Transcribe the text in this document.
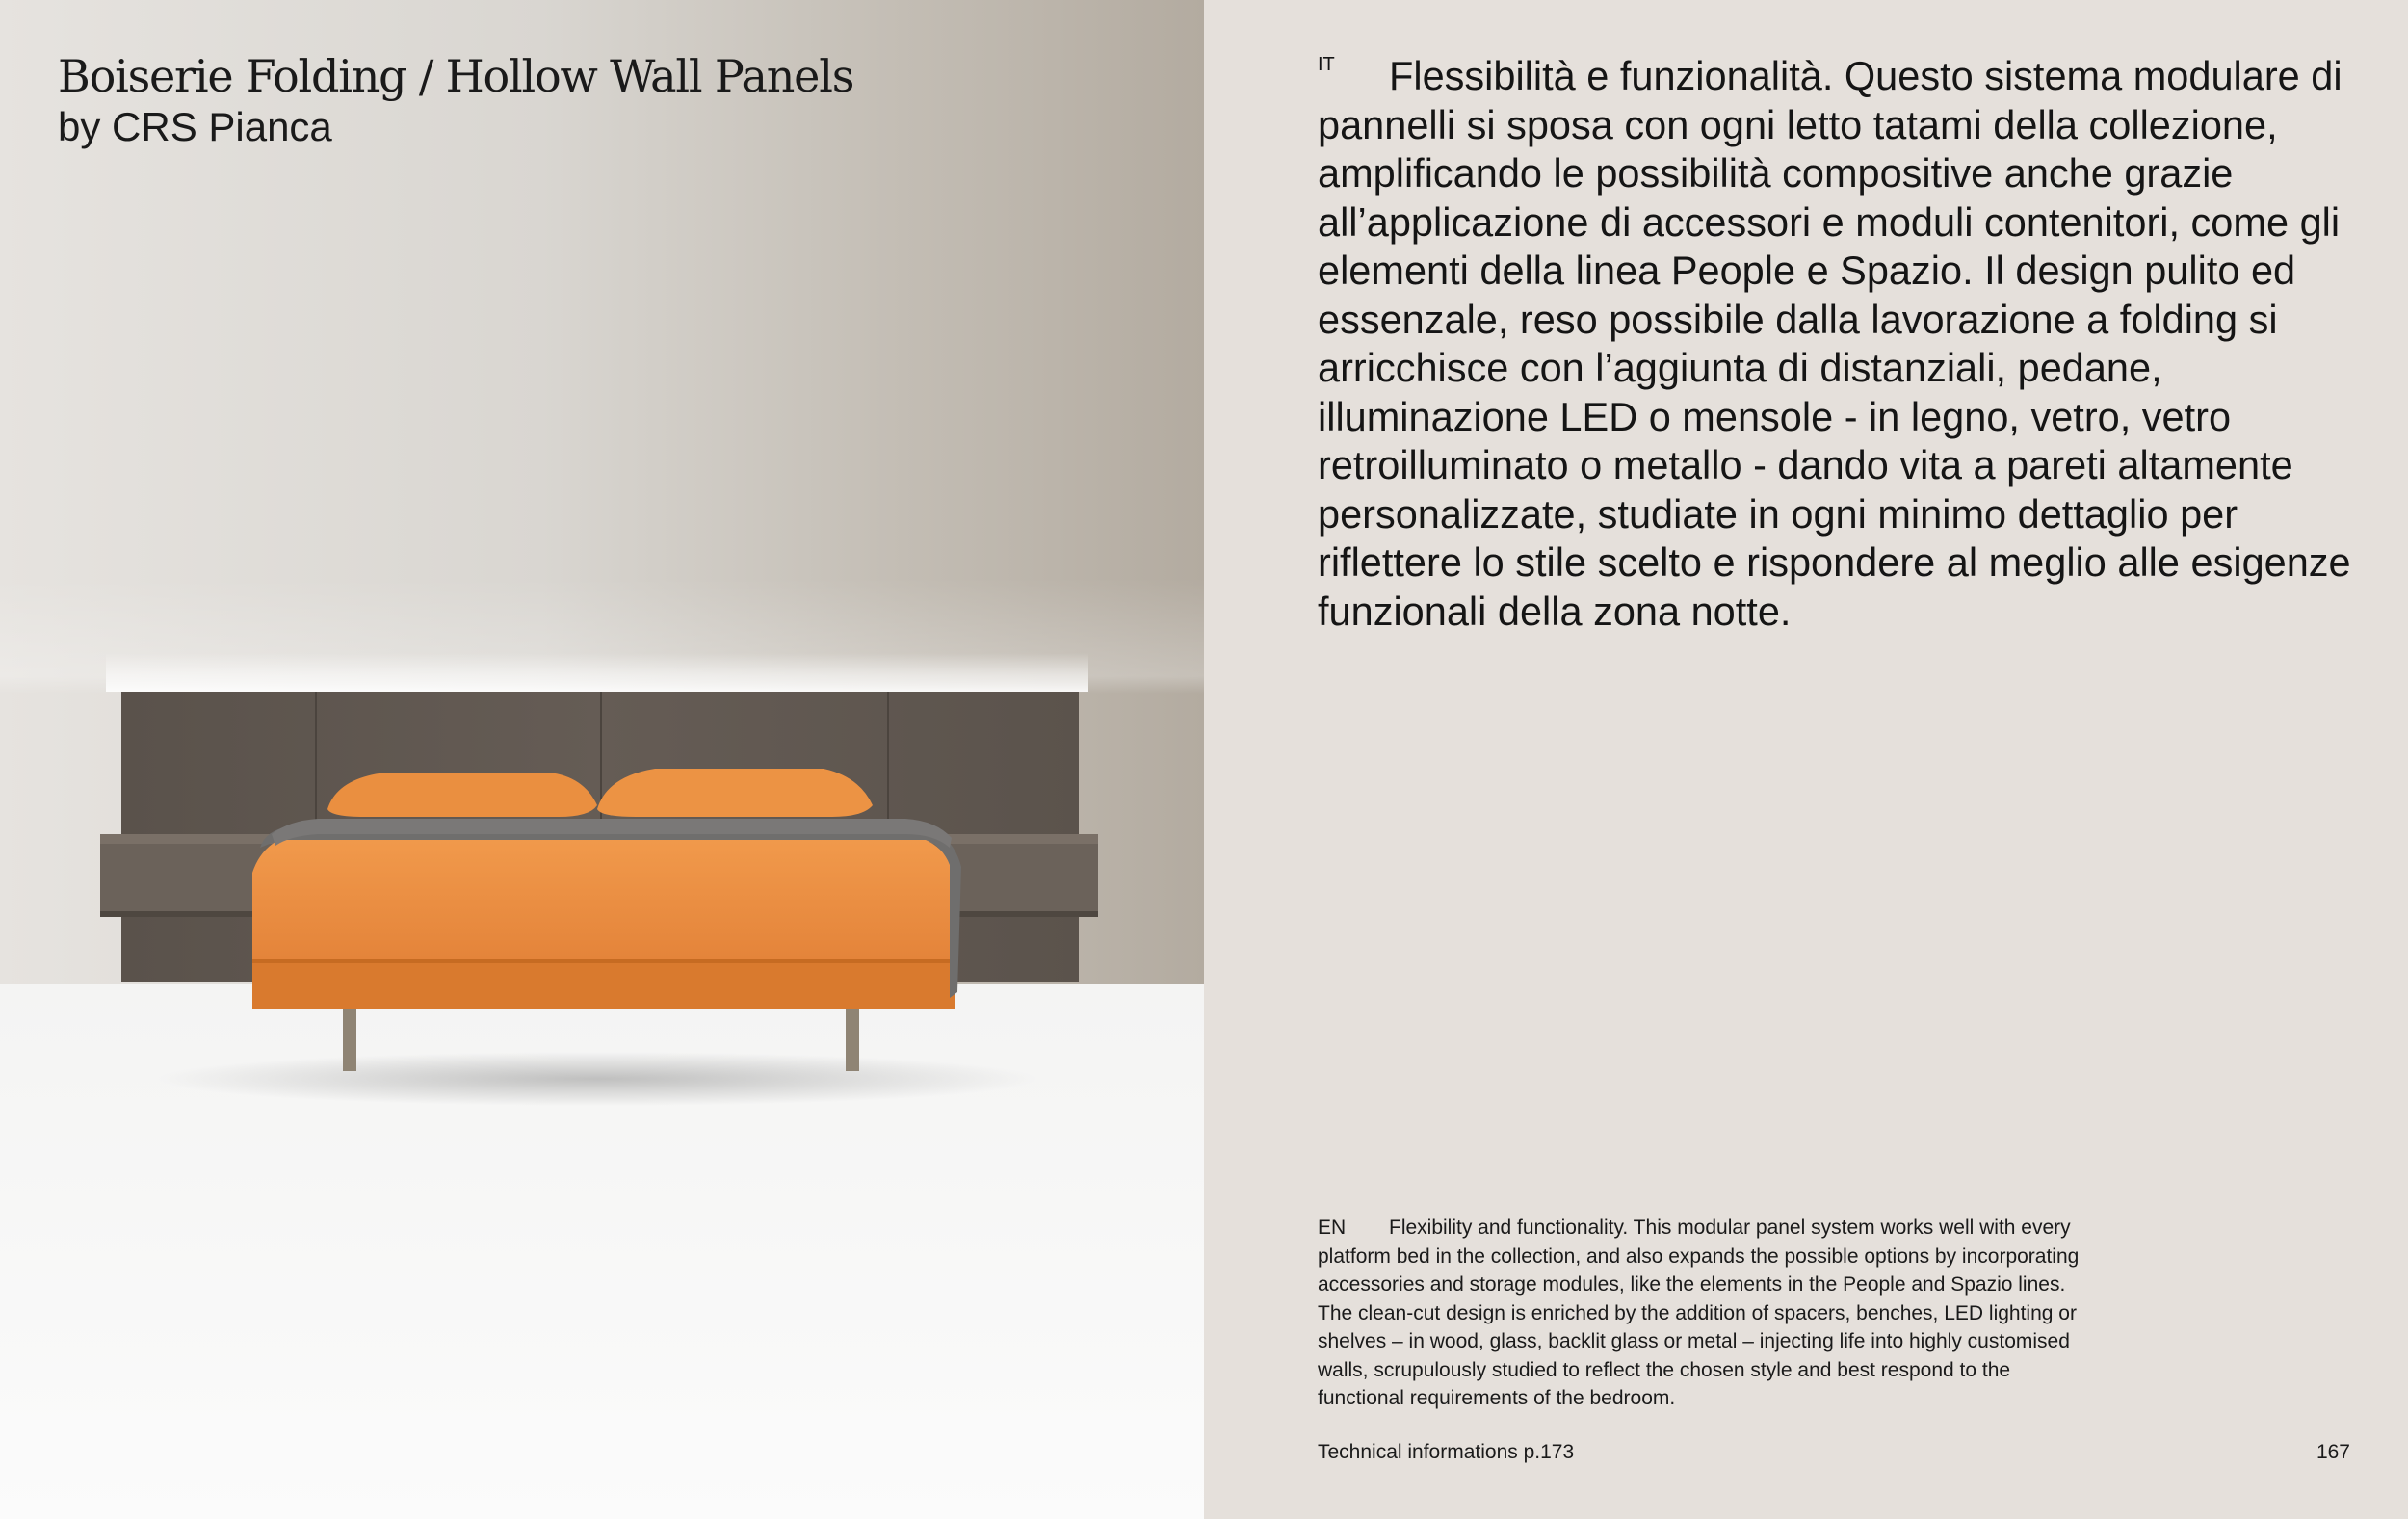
Boiserie Folding / Hollow Wall Panels
by CRS Pianca

IT Flessibilità e funzionalità. Questo sistema modulare di pannelli si sposa con ogni letto tatami della collezione, amplificando le possibilità compositive anche grazie all’applicazione di accessori e moduli contenitori, come gli elementi della linea People e Spazio. Il design pulito ed essenzale, reso possibile dalla lavorazione a folding si arricchisce con l’aggiunta di distanziali, pedane, illuminazione LED o mensole - in legno, vetro, vetro retroilluminato o metallo - dando vita a pareti altamente personalizzate, studiate in ogni minimo dettaglio per riflettere lo stile scelto e rispondere al meglio alle esigenze funzionali della zona notte.

EN Flexibility and functionality. This modular panel system works well with every platform bed in the collection, and also expands the possible options by incorporating accessories and storage modules, like the elements in the People and Spazio lines. The clean-cut design is enriched by the addition of spacers, benches, LED lighting or shelves – in wood, glass, backlit glass or metal – injecting life into highly customised walls, scrupulously studied to reflect the chosen style and best respond to the functional requirements of the bedroom.

Technical informations p.173	167
